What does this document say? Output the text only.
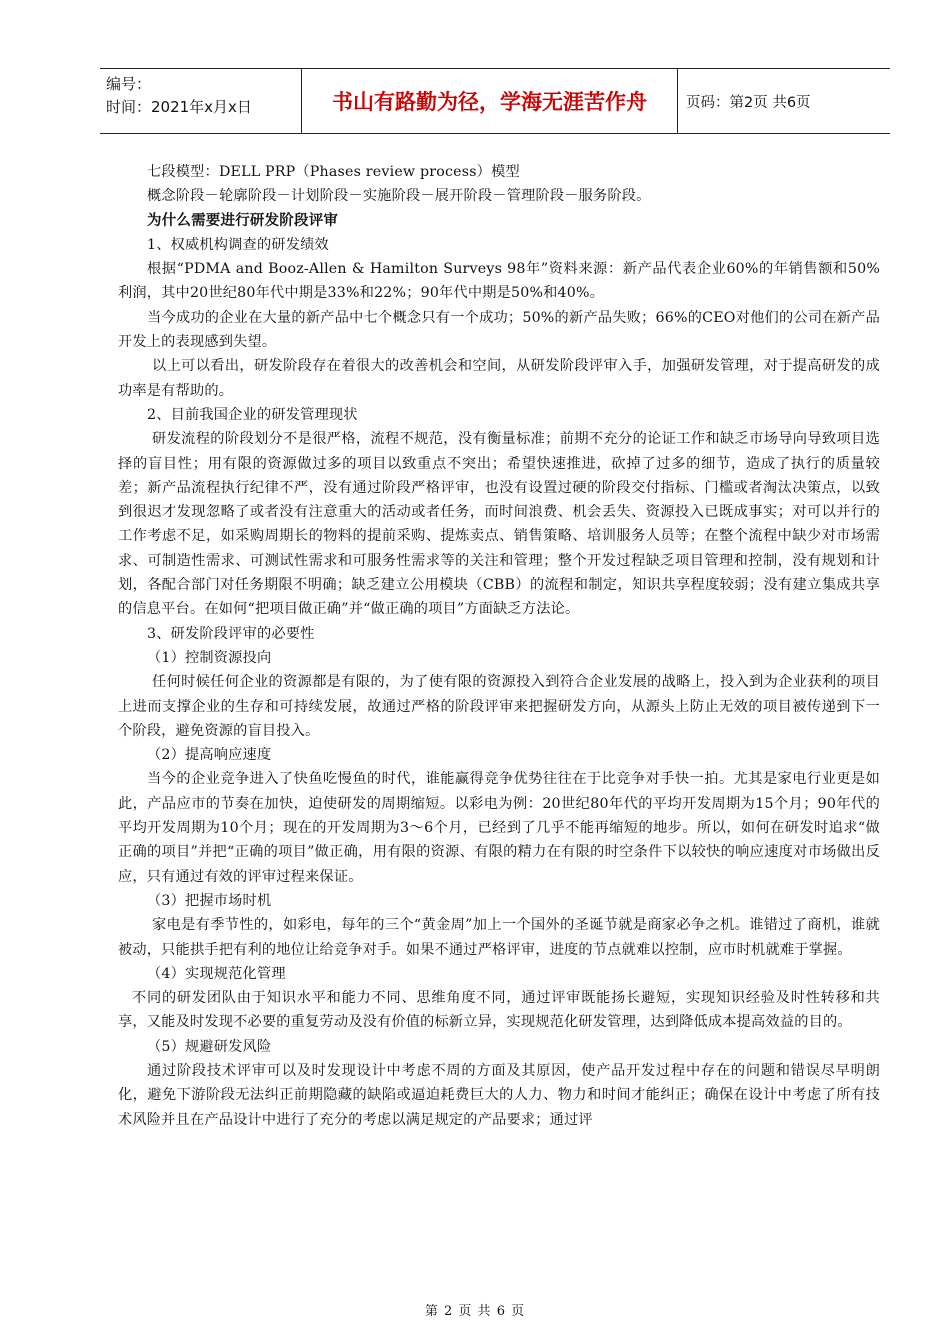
编号：
时间：2021年x月x日	书山有路勤为径，学海无涯苦作舟	页码：第2页 共6页

七段模型：DELL PRP（Phases review process）模型

概念阶段－轮廓阶段－计划阶段－实施阶段－展开阶段－管理阶段－服务阶段。

为什么需要进行研发阶段评审

1、权威机构调查的研发绩效

根据“PDMA and Booz-Allen & Hamilton Surveys 98年”资料来源：新产品代表企业60%的年销售额和50%利润，其中20世纪80年代中期是33%和22%；90年代中期是50%和40%。

当今成功的企业在大量的新产品中七个概念只有一个成功；50%的新产品失败；66%的CEO对他们的公司在新产品开发上的表现感到失望。

以上可以看出，研发阶段存在着很大的改善机会和空间，从研发阶段评审入手，加强研发管理，对于提高研发的成功率是有帮助的。

2、目前我国企业的研发管理现状

研发流程的阶段划分不是很严格，流程不规范，没有衡量标准；前期不充分的论证工作和缺乏市场导向导致项目选择的盲目性；用有限的资源做过多的项目以致重点不突出；希望快速推进，砍掉了过多的细节，造成了执行的质量较差；新产品流程执行纪律不严，没有通过阶段严格评审，也没有设置过硬的阶段交付指标、门槛或者淘汰决策点，以致到很迟才发现忽略了或者没有注意重大的活动或者任务，而时间浪费、机会丢失、资源投入已既成事实；对可以并行的工作考虑不足，如采购周期长的物料的提前采购、提炼卖点、销售策略、培训服务人员等；在整个流程中缺少对市场需求、可制造性需求、可测试性需求和可服务性需求等的关注和管理；整个开发过程缺乏项目管理和控制，没有规划和计划，各配合部门对任务期限不明确；缺乏建立公用模块（CBB）的流程和制定，知识共享程度较弱；没有建立集成共享的信息平台。在如何“把项目做正确”并“做正确的项目”方面缺乏方法论。

3、研发阶段评审的必要性

（1）控制资源投向

任何时候任何企业的资源都是有限的，为了使有限的资源投入到符合企业发展的战略上，投入到为企业获利的项目上进而支撑企业的生存和可持续发展，故通过严格的阶段评审来把握研发方向，从源头上防止无效的项目被传递到下一个阶段，避免资源的盲目投入。

（2）提高响应速度

当今的企业竞争进入了快鱼吃慢鱼的时代，谁能赢得竞争优势往往在于比竞争对手快一拍。尤其是家电行业更是如此，产品应市的节奏在加快，迫使研发的周期缩短。以彩电为例：20世纪80年代的平均开发周期为15个月；90年代的平均开发周期为10个月；现在的开发周期为3～6个月，已经到了几乎不能再缩短的地步。所以，如何在研发时追求“做正确的项目”并把“正确的项目”做正确，用有限的资源、有限的精力在有限的时空条件下以较快的响应速度对市场做出反应，只有通过有效的评审过程来保证。

（3）把握市场时机

家电是有季节性的，如彩电，每年的三个“黄金周”加上一个国外的圣诞节就是商家必争之机。谁错过了商机，谁就被动，只能拱手把有利的地位让给竞争对手。如果不通过严格评审，进度的节点就难以控制，应市时机就难于掌握。

（4）实现规范化管理

不同的研发团队由于知识水平和能力不同、思维角度不同，通过评审既能扬长避短，实现知识经验及时性转移和共享，又能及时发现不必要的重复劳动及没有价值的标新立异，实现规范化研发管理，达到降低成本提高效益的目的。

（5）规避研发风险

通过阶段技术评审可以及时发现设计中考虑不周的方面及其原因，使产品开发过程中存在的问题和错误尽早明朗化，避免下游阶段无法纠正前期隐藏的缺陷或逼迫耗费巨大的人力、物力和时间才能纠正；确保在设计中考虑了所有技术风险并且在产品设计中进行了充分的考虑以满足规定的产品要求；通过评

第 2 页 共 6 页
